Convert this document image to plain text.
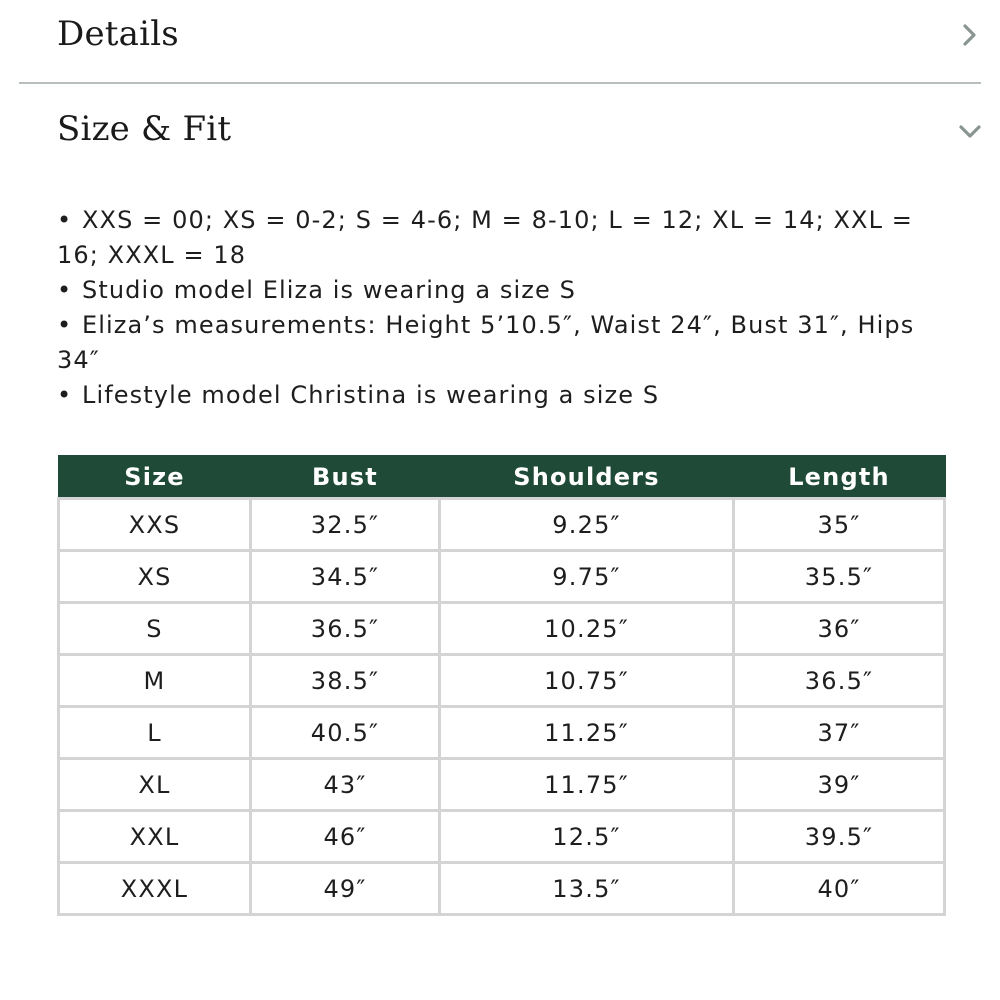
Details
Size & Fit
• XXS = 00; XS = 0-2; S = 4-6; M = 8-10; L = 12; XL = 14; XXL = 16; XXXL = 18
• Studio model Eliza is wearing a size S
• Eliza’s measurements: Height 5’10.5″, Waist 24″, Bust 31″, Hips 34″
• Lifestyle model Christina is wearing a size S
Size	Bust	Shoulders	Length
XXS	32.5″	9.25″	35″
XS	34.5″	9.75″	35.5″
S	36.5″	10.25″	36″
M	38.5″	10.75″	36.5″
L	40.5″	11.25″	37″
XL	43″	11.75″	39″
XXL	46″	12.5″	39.5″
XXXL	49″	13.5″	40″
